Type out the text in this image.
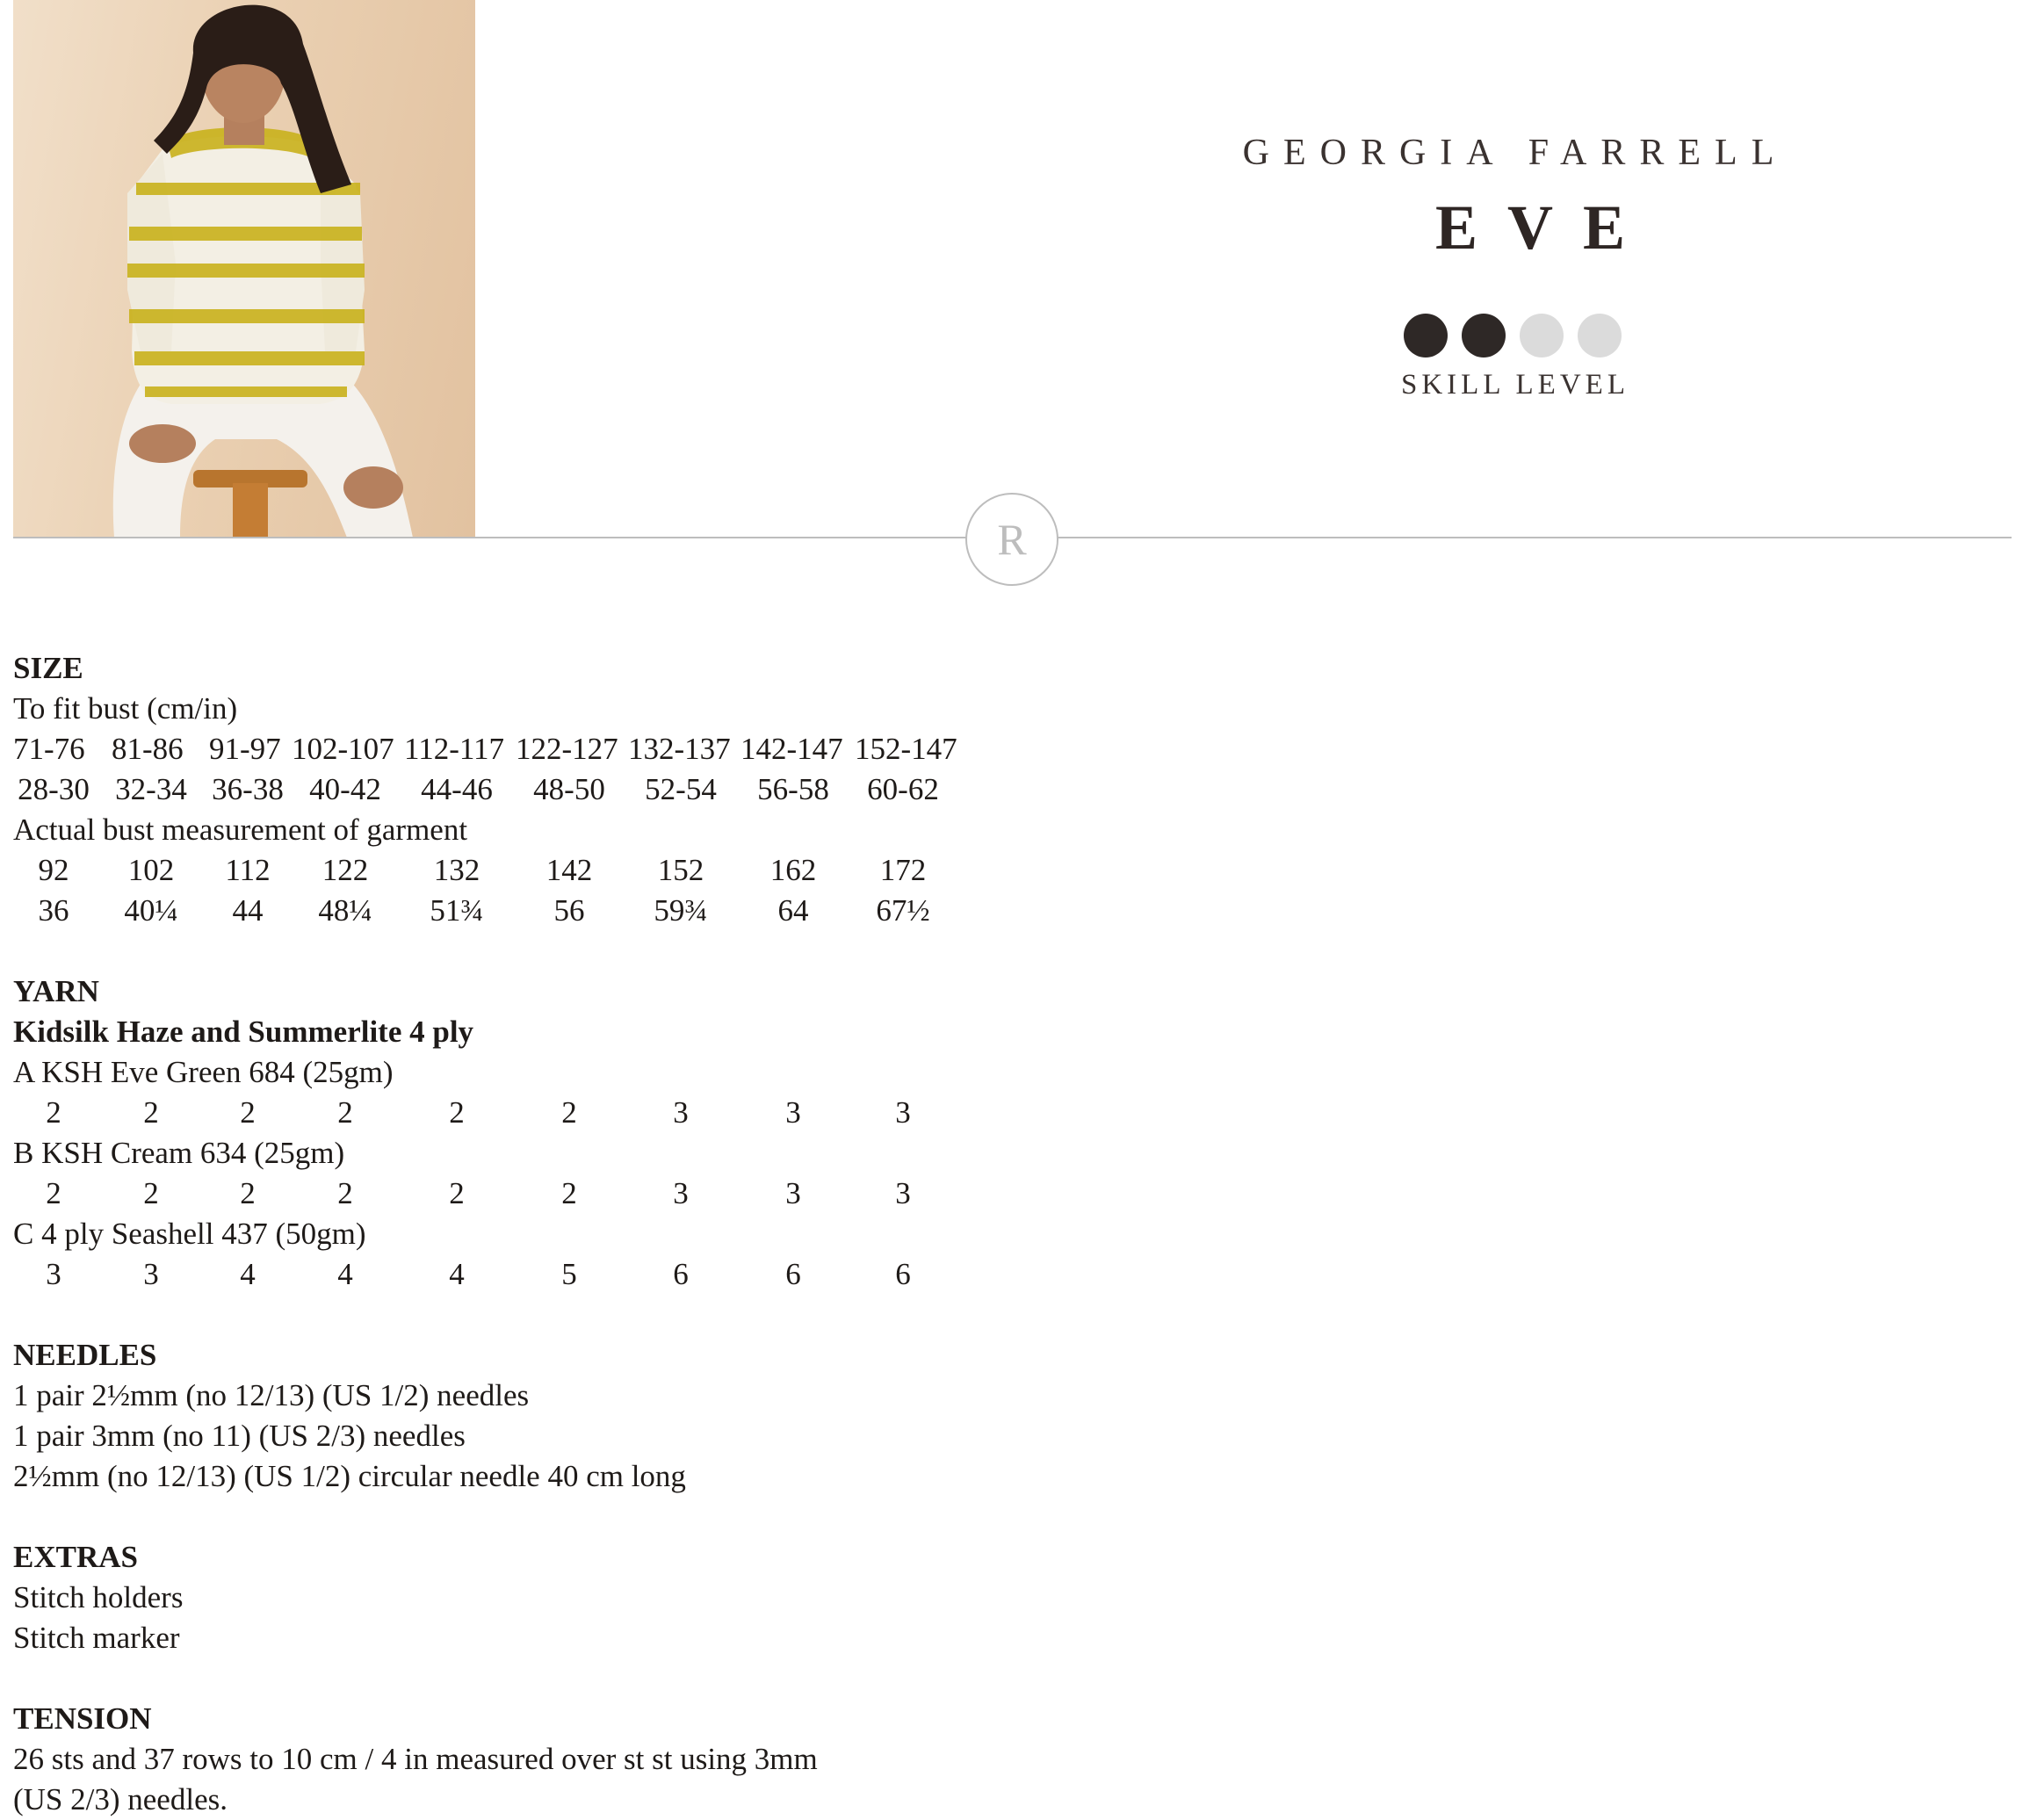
GEORGIA FARRELL
EVE
SKILL LEVEL
R
SIZE
To fit bust (cm/in)
71-76 81-86 91-97 102-107 112-117 122-127 132-137 142-147 152-147
28-30 32-34 36-38 40-42 44-46 48-50 52-54 56-58 60-62
Actual bust measurement of garment
92 102 112 122 132 142 152 162 172
36 40¼ 44 48¼ 51¾ 56 59¾ 64 67½
YARN
Kidsilk Haze and Summerlite 4 ply
A KSH Eve Green 684 (25gm)
2	2	2	2	2	2	3	3	3
B KSH Cream 634 (25gm)
2	2	2	2	2	2	3	3	3
C 4 ply Seashell 437 (50gm)
3	3	4	4	4	5	6	6	6
NEEDLES
1 pair 2½mm (no 12/13) (US 1/2) needles
1 pair 3mm (no 11) (US 2/3) needles
2½mm (no 12/13) (US 1/2) circular needle 40 cm long
EXTRAS
Stitch holders
Stitch marker
TENSION
26 sts and 37 rows to 10 cm / 4 in measured over st st using 3mm
(US 2/3) needles.
